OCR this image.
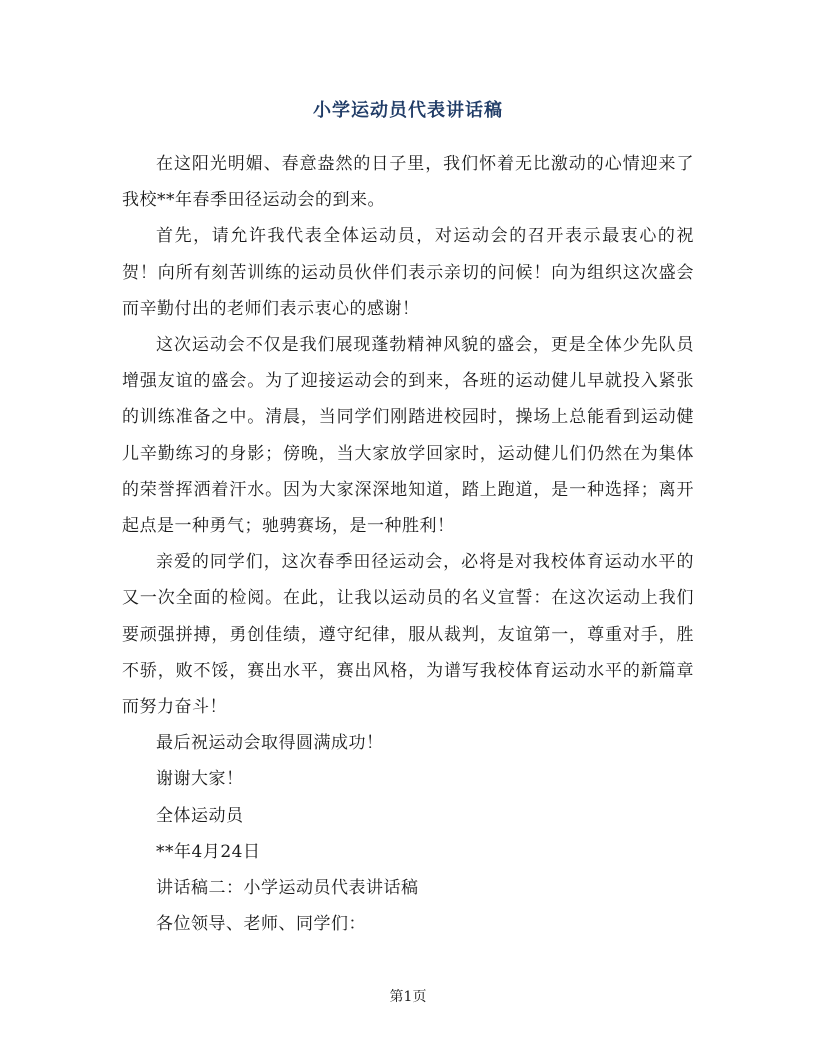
小学运动员代表讲话稿

在这阳光明媚、春意盎然的日子里，我们怀着无比激动的心情迎来了我校**年春季田径运动会的到来。

首先，请允许我代表全体运动员，对运动会的召开表示最衷心的祝贺！向所有刻苦训练的运动员伙伴们表示亲切的问候！向为组织这次盛会而辛勤付出的老师们表示衷心的感谢！

这次运动会不仅是我们展现蓬勃精神风貌的盛会，更是全体少先队员增强友谊的盛会。为了迎接运动会的到来，各班的运动健儿早就投入紧张的训练准备之中。清晨，当同学们刚踏进校园时，操场上总能看到运动健儿辛勤练习的身影；傍晚，当大家放学回家时，运动健儿们仍然在为集体的荣誉挥洒着汗水。因为大家深深地知道，踏上跑道，是一种选择；离开起点是一种勇气；驰骋赛场，是一种胜利！

亲爱的同学们，这次春季田径运动会，必将是对我校体育运动水平的又一次全面的检阅。在此，让我以运动员的名义宣誓：在这次运动上我们要顽强拼搏，勇创佳绩，遵守纪律，服从裁判，友谊第一，尊重对手，胜不骄，败不馁，赛出水平，赛出风格，为谱写我校体育运动水平的新篇章而努力奋斗！

最后祝运动会取得圆满成功！

谢谢大家！

全体运动员

**年4月24日

讲话稿二：小学运动员代表讲话稿

各位领导、老师、同学们：

第1页
